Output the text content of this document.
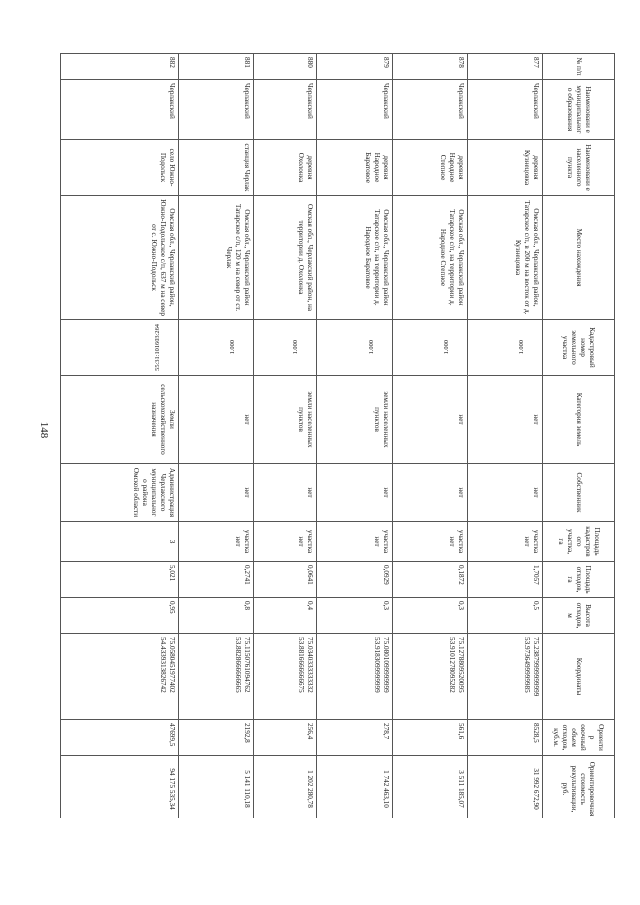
148
№ п/п	Наименовани е муниципальног о образования	Наименовани е населенного пункта	Место нахождения	Кадастровый номер земельного участка	Категория земель	Собственник	Площадь кадастров ого участка, га	Площадь отходов, га	Высота отходов, м	Координаты	Ориентир овочный объем отходов, куб.м.	Ориентировочная стоимость рекультивации, руб.
877	Черлакский	деревня Кузнецовка	Омская обл., Черлакский район, Татарское с/п, в 200 м на восток от д. Кузнецовка	1.000	нет	нет	участка нет	1,7057	0,5	75.23879999999999 53.9736499999985	8528,5	31 992 672,90
878	Черлакский	деревня Народное Степное	Омская обл., Черлакский район Татарское с/п, на территории д. Народное Степное	1.000	нет	нет	участка нет	0,1872	0,3	75.1278809520095 53.9101278095282	561,6	3 511 185,07
879	Черлакский	деревня Народное Баратовое	Омская обл., Черлакский район Татарское с/п, на территории д. Народное Баратовое	1.000	земли населенных пунктов	нет	участка нет	0,0929	0,3	75.0801099999999 53.9183099999999	278,7	1 742 463,10
880	Черлакский	деревня Охолонка	Омская обл., Черлакский район, на территории д. Охолонка	1.000	земли населенных пунктов	нет	участка нет	0,0641	0,4	75.0340333333332 53.8816666666675	256,4	1 202 280,78
881	Черлакский	станция Черлак	Омская обл., Черлакский район Татарское с/п, 120 м на север от ст. Черлак	1.000	нет	нет	участка нет	0,2741	0,8	75.1150761094762 53.8828666666665	2192,8	5 141 110,18
882	Черлакский	село Южно-Подольск	Омская обл., Черлакский район, Южно-Подольское с/п, 637 м на север от с. Южно-Подольск	55:31:101603:264	Земли сельскохозяйственного назначения	Администрация Черлакского муниципального района Омской области	3	5,021	0,95	75.0580451977402 54.4339313826742	47699,5	94 175 535,34
